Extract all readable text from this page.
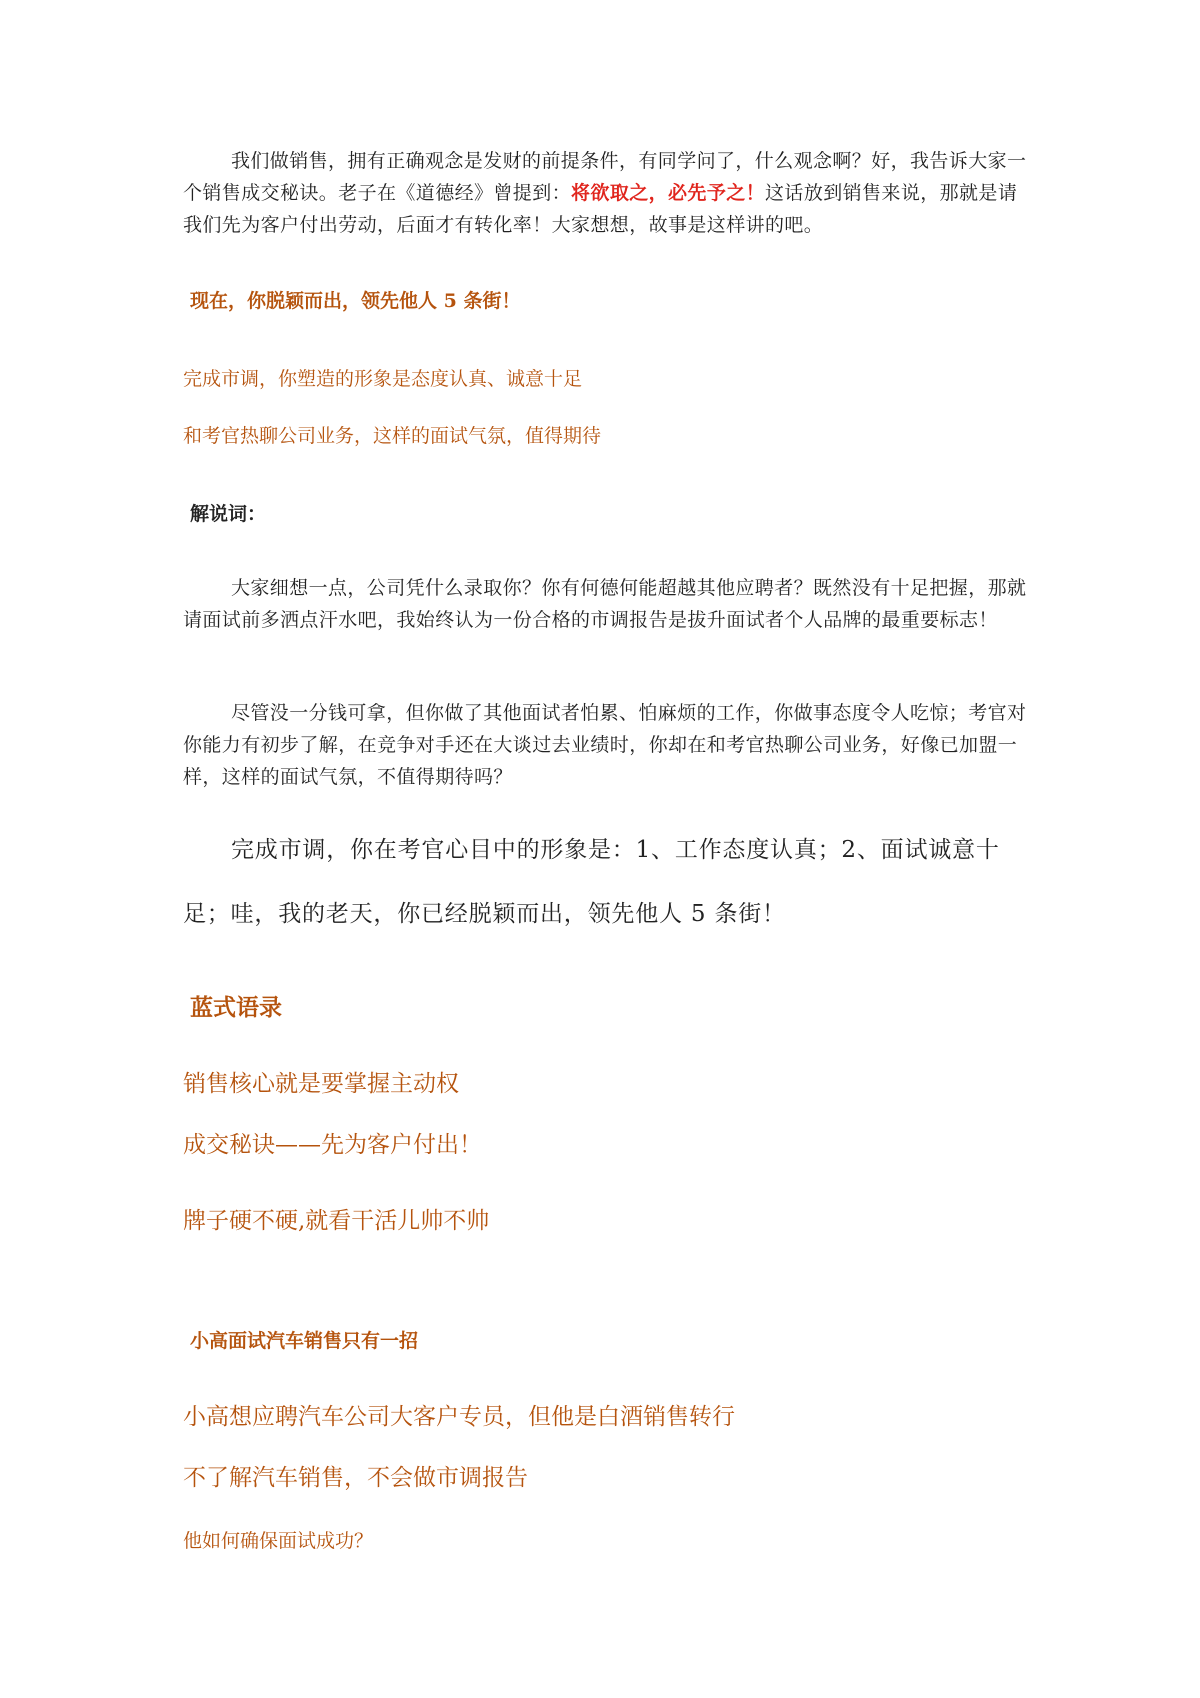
我们做销售，拥有正确观念是发财的前提条件，有同学问了，什么观念啊？好，我告诉大家一个销售成交秘诀。老子在《道德经》曾提到：将欲取之，必先予之！这话放到销售来说，那就是请我们先为客户付出劳动，后面才有转化率！大家想想，故事是这样讲的吧。

现在，你脱颖而出，领先他人 5 条街！
完成市调，你塑造的形象是态度认真、诚意十足
和考官热聊公司业务，这样的面试气氛，值得期待
解说词：

大家细想一点，公司凭什么录取你？你有何德何能超越其他应聘者？既然没有十足把握，那就请面试前多洒点汗水吧，我始终认为一份合格的市调报告是拔升面试者个人品牌的最重要标志！

尽管没一分钱可拿，但你做了其他面试者怕累、怕麻烦的工作，你做事态度令人吃惊；考官对你能力有初步了解，在竞争对手还在大谈过去业绩时，你却在和考官热聊公司业务，好像已加盟一样，这样的面试气氛，不值得期待吗？

完成市调，你在考官心目中的形象是：1、工作态度认真；2、面试诚意十足；哇，我的老天，你已经脱颖而出，领先他人 5 条街！

蓝式语录
销售核心就是要掌握主动权
成交秘诀——先为客户付出！
牌子硬不硬,就看干活儿帅不帅
小高面试汽车销售只有一招
小高想应聘汽车公司大客户专员，但他是白酒销售转行
不了解汽车销售，不会做市调报告
他如何确保面试成功？
